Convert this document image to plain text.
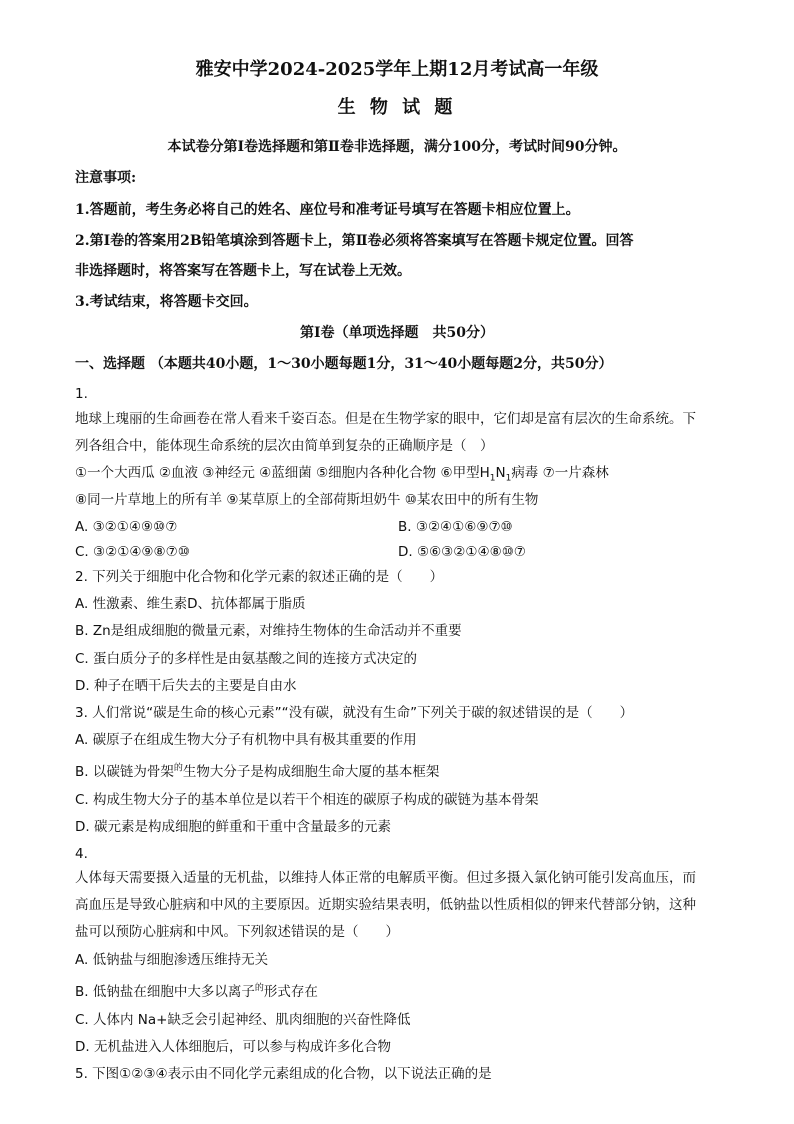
雅安中学2024-2025学年上期12月考试高一年级
生 物 试 题
本试卷分第Ⅰ卷选择题和第Ⅱ卷非选择题，满分100分，考试时间90分钟。
注意事项:
1.答题前，考生务必将自己的姓名、座位号和准考证号填写在答题卡相应位置上。
2.第Ⅰ卷的答案用2B铅笔填涂到答题卡上，第Ⅱ卷必须将答案填写在答题卡规定位置。回答
非选择题时，将答案写在答题卡上，写在试卷上无效。
3.考试结束，将答题卡交回。
第Ⅰ卷（单项选择题　共50分）
一、选择题 （本题共40小题，1～30小题每题1分，31～40小题每题2分，共50分）
1.
地球上瑰丽的生命画卷在常人看来千姿百态。但是在生物学家的眼中，它们却是富有层次的生命系统。下
列各组合中，能体现生命系统的层次由简单到复杂的正确顺序是（　）
①一个大西瓜 ②血液 ③神经元 ④蓝细菌 ⑤细胞内各种化合物 ⑥甲型$H_1N_1$病毒 ⑦一片森林
⑧同一片草地上的所有羊 ⑨某草原上的全部荷斯坦奶牛 ⑩某农田中的所有生物
A. ③②①④⑨⑩⑦	B. ③②④①⑥⑨⑦⑩
C. ③②①④⑨⑧⑦⑩	D. ⑤⑥③②①④⑧⑩⑦
2. 下列关于细胞中化合物和化学元素的叙述正确的是（　　）
A. 性激素、维生素D、抗体都属于脂质
B. Zn是组成细胞的微量元素，对维持生物体的生命活动并不重要
C. 蛋白质分子的多样性是由氨基酸之间的连接方式决定的
D. 种子在晒干后失去的主要是自由水
3. 人们常说“碳是生命的核心元素”“没有碳，就没有生命”下列关于碳的叙述错误的是（　　）
A. 碳原子在组成生物大分子有机物中具有极其重要的作用
B. 以碳链为骨架$^的$生物大分子是构成细胞生命大厦的基本框架
C. 构成生物大分子的基本单位是以若干个相连的碳原子构成的碳链为基本骨架
D. 碳元素是构成细胞的鲜重和干重中含量最多的元素
4.
人体每天需要摄入适量的无机盐，以维持人体正常的电解质平衡。但过多摄入氯化钠可能引发高血压，而
高血压是导致心脏病和中风的主要原因。近期实验结果表明，低钠盐以性质相似的钾来代替部分钠，这种
盐可以预防心脏病和中风。下列叙述错误的是（　　）
A. 低钠盐与细胞渗透压维持无关
B. 低钠盐在细胞中大多以离子$^的$形式存在
C. 人体内 Na+缺乏会引起神经、肌肉细胞的兴奋性降低
D. 无机盐进入人体细胞后，可以参与构成许多化合物
5. 下图①②③④表示由不同化学元素组成的化合物，以下说法正确的是
